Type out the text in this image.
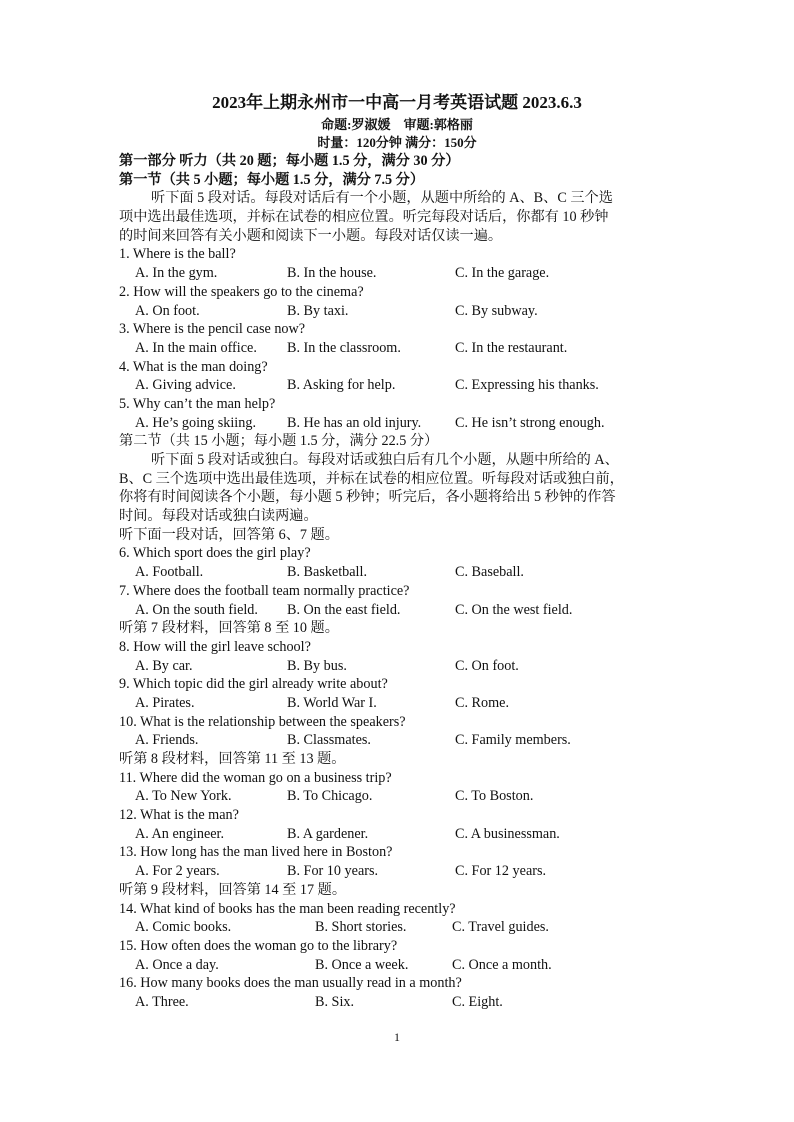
2023年上期永州市一中高一月考英语试题 2023.6.3
命题:罗淑媛　审题:郭格丽
时量：120分钟 满分：150分
第一部分 听力（共 20 题；每小题 1.5 分，满分 30 分）
第一节（共 5 小题；每小题 1.5 分，满分 7.5 分）
听下面 5 段对话。每段对话后有一个小题，从题中所给的 A、B、C 三个选
项中选出最佳选项，并标在试卷的相应位置。听完每段对话后，你都有 10 秒钟
的时间来回答有关小题和阅读下一小题。每段对话仅读一遍。
1. Where is the ball?
A. In the gym.	B. In the house.	C. In the garage.
2. How will the speakers go to the cinema?
A. On foot.	B. By taxi.	C. By subway.
3. Where is the pencil case now?
A. In the main office.	B. In the classroom.	C. In the restaurant.
4. What is the man doing?
A. Giving advice.	B. Asking for help.	C. Expressing his thanks.
5. Why can’t the man help?
A. He’s going skiing.	B. He has an old injury.	C. He isn’t strong enough.
第二节（共 15 小题；每小题 1.5 分，满分 22.5 分）
听下面 5 段对话或独白。每段对话或独白后有几个小题，从题中所给的 A、
B、C 三个选项中选出最佳选项，并标在试卷的相应位置。听每段对话或独白前，
你将有时间阅读各个小题，每小题 5 秒钟；听完后，各小题将给出 5 秒钟的作答
时间。每段对话或独白读两遍。
听下面一段对话，回答第 6、7 题。
6. Which sport does the girl play?
A. Football.	B. Basketball.	C. Baseball.
7. Where does the football team normally practice?
A. On the south field.	B. On the east field.	C. On the west field.
听第 7 段材料，回答第 8 至 10 题。
8. How will the girl leave school?
A. By car.	B. By bus.	C. On foot.
9. Which topic did the girl already write about?
A. Pirates.	B. World War I.	C. Rome.
10. What is the relationship between the speakers?
A. Friends.	B. Classmates.	C. Family members.
听第 8 段材料，回答第 11 至 13 题。
11. Where did the woman go on a business trip?
A. To New York.	B. To Chicago.	C. To Boston.
12. What is the man?
A. An engineer.	B. A gardener.	C. A businessman.
13. How long has the man lived here in Boston?
A. For 2 years.	B. For 10 years.	C. For 12 years.
听第 9 段材料，回答第 14 至 17 题。
14. What kind of books has the man been reading recently?
A. Comic books.	B. Short stories.	C. Travel guides.
15. How often does the woman go to the library?
A. Once a day.	B. Once a week.	C. Once a month.
16. How many books does the man usually read in a month?
A. Three.	B. Six.	C. Eight.
1
